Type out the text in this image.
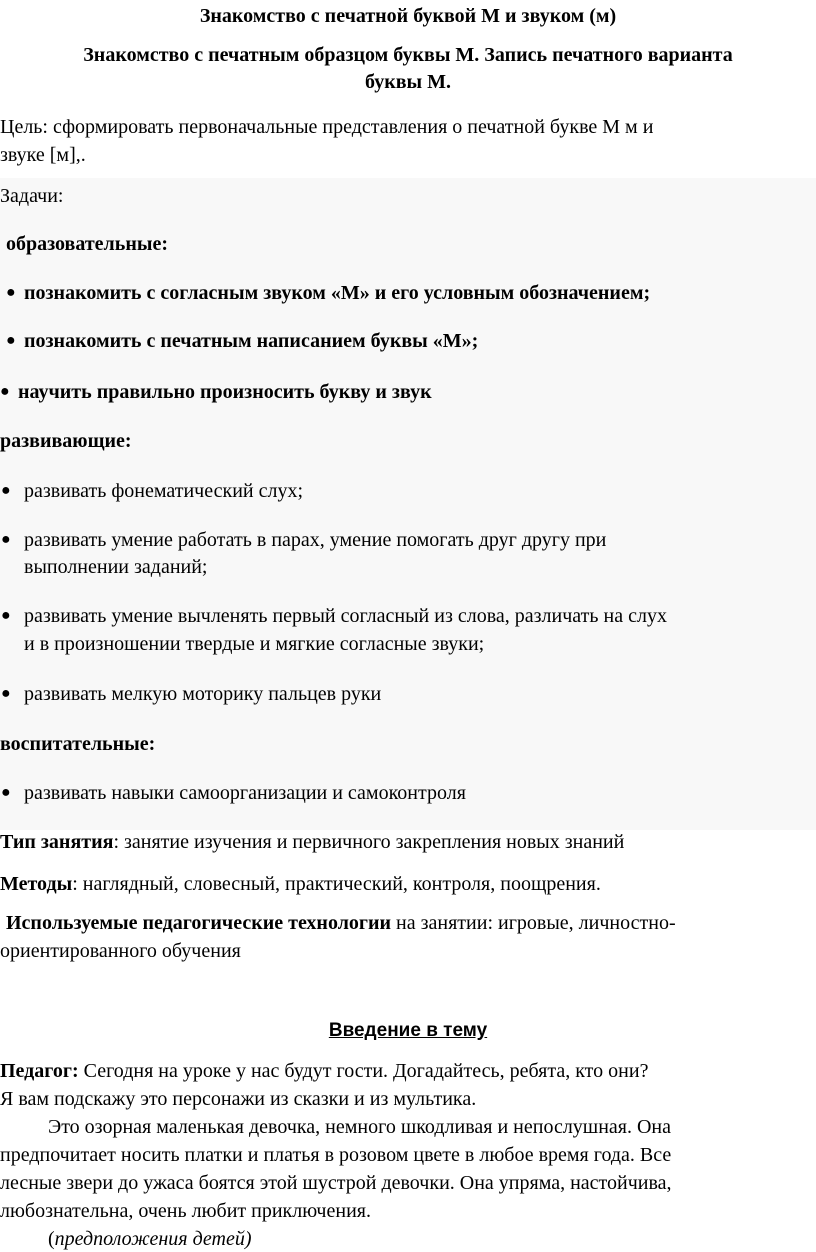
Знакомство с печатной буквой М и звуком (м)
Знакомство с печатным образцом буквы М. Запись печатного варианта
буквы М.
Цель: сформировать первоначальные представления о печатной букве М м и
звуке [м],.
Задачи:
образовательные:
● познакомить с согласным звуком «М» и его условным обозначением;
● познакомить с печатным написанием буквы «М»;
● научить правильно произносить букву и звук
развивающие:
● развивать фонематический слух;
● развивать умение работать в парах, умение помогать друг другу при
выполнении заданий;
● развивать умение вычленять первый согласный из слова, различать на слух
и в произношении твердые и мягкие согласные звуки;
● развивать мелкую моторику пальцев руки
воспитательные:
● развивать навыки самоорганизации и самоконтроля
Тип занятия: занятие изучения и первичного закрепления новых знаний
Методы: наглядный, словесный, практический, контроля, поощрения.
Используемые педагогические технологии на занятии: игровые, личностно-
ориентированного обучения
Введение в тему
Педагог: Сегодня на уроке у нас будут гости. Догадайтесь, ребята, кто они?
Я вам подскажу это персонажи из сказки и из мультика.
Это озорная маленькая девочка, немного шкодливая и непослушная. Она
предпочитает носить платки и платья в розовом цвете в любое время года. Все
лесные звери до ужаса боятся этой шустрой девочки. Она упряма, настойчива,
любознательна, очень любит приключения.
(предположения детей)
